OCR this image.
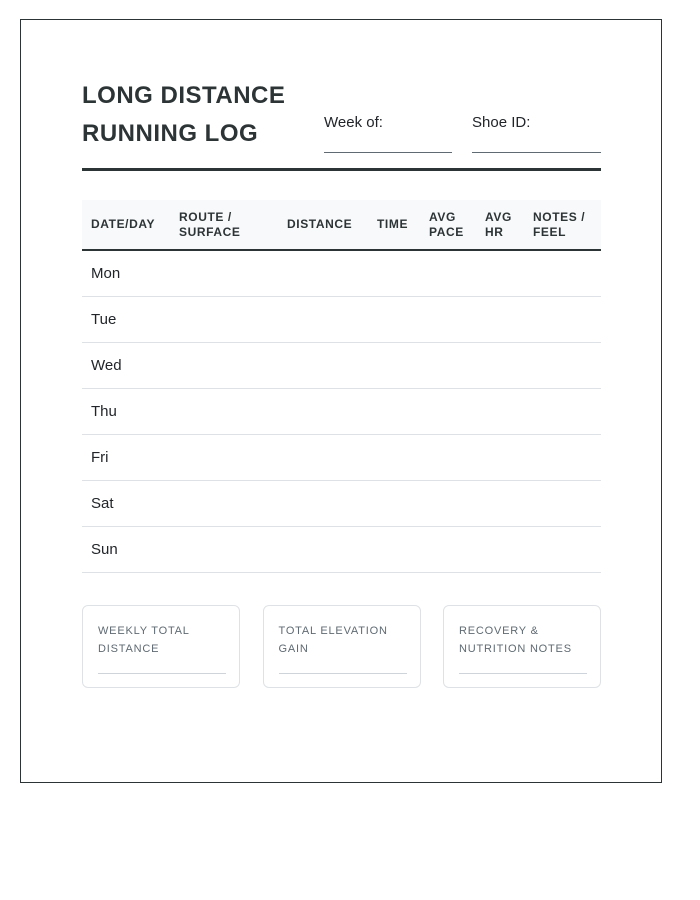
LONG DISTANCE
RUNNING LOG	Week of:	Shoe ID:
DATE/DAY	ROUTE / SURFACE	DISTANCE	TIME	AVG PACE	AVG HR	NOTES / FEEL
Mon						
Tue						
Wed						
Thu						
Fri						
Sat						
Sun						
WEEKLY TOTAL DISTANCE
TOTAL ELEVATION GAIN
RECOVERY & NUTRITION NOTES
